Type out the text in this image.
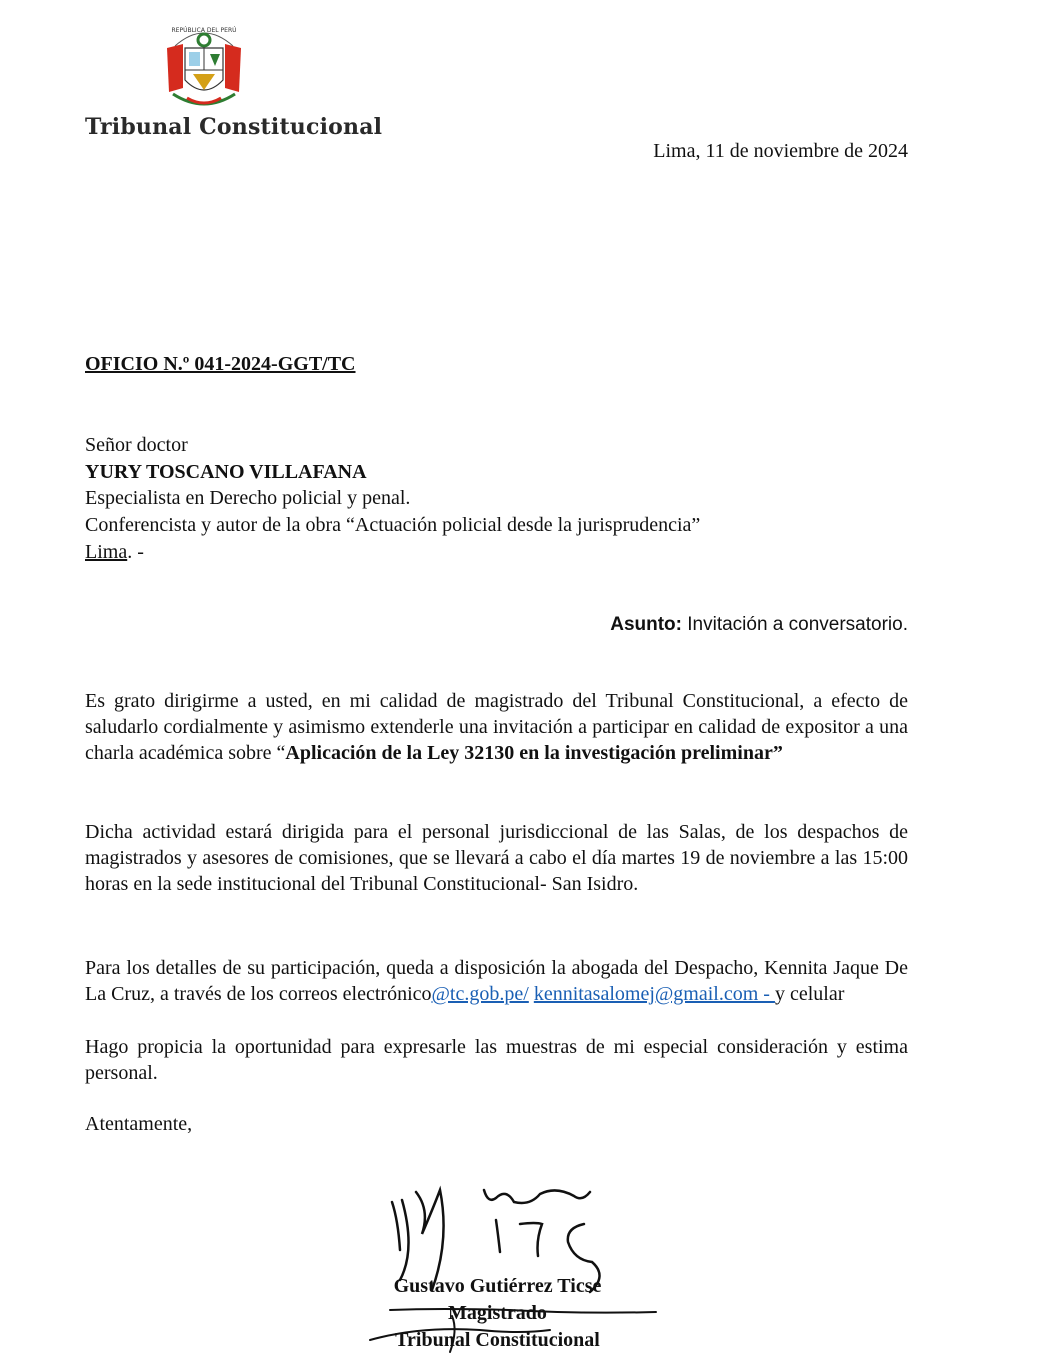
REPÚBLICA DEL PERÚ
Tribunal Constitucional
Lima, 11 de noviembre de 2024
OFICIO N.º 041-2024-GGT/TC
Señor doctor
YURY TOSCANO VILLAFANA
Especialista en Derecho policial y penal.
Conferencista y autor de la obra “Actuación policial desde la jurisprudencia”
Lima. -
Asunto: Invitación a conversatorio.
Es grato dirigirme a usted, en mi calidad de magistrado del Tribunal Constitucional, a efecto de saludarlo cordialmente y asimismo extenderle una invitación a participar en calidad de expositor a una charla académica sobre “Aplicación de la Ley 32130 en la investigación preliminar”
Dicha actividad estará dirigida para el personal jurisdiccional de las Salas, de los despachos de magistrados y asesores de comisiones, que se llevará a cabo el día martes 19 de noviembre a las 15:00 horas en la sede institucional del Tribunal Constitucional- San Isidro.
Para los detalles de su participación, queda a disposición la abogada del Despacho, Kennita Jaque De La Cruz, a través de los correos electrónico@tc.gob.pe/ kennitasalomej@gmail.com - y celular
Hago propicia la oportunidad para expresarle las muestras de mi especial consideración y estima personal.
Atentamente,
Gustavo Gutiérrez Ticse
Magistrado
Tribunal Constitucional
